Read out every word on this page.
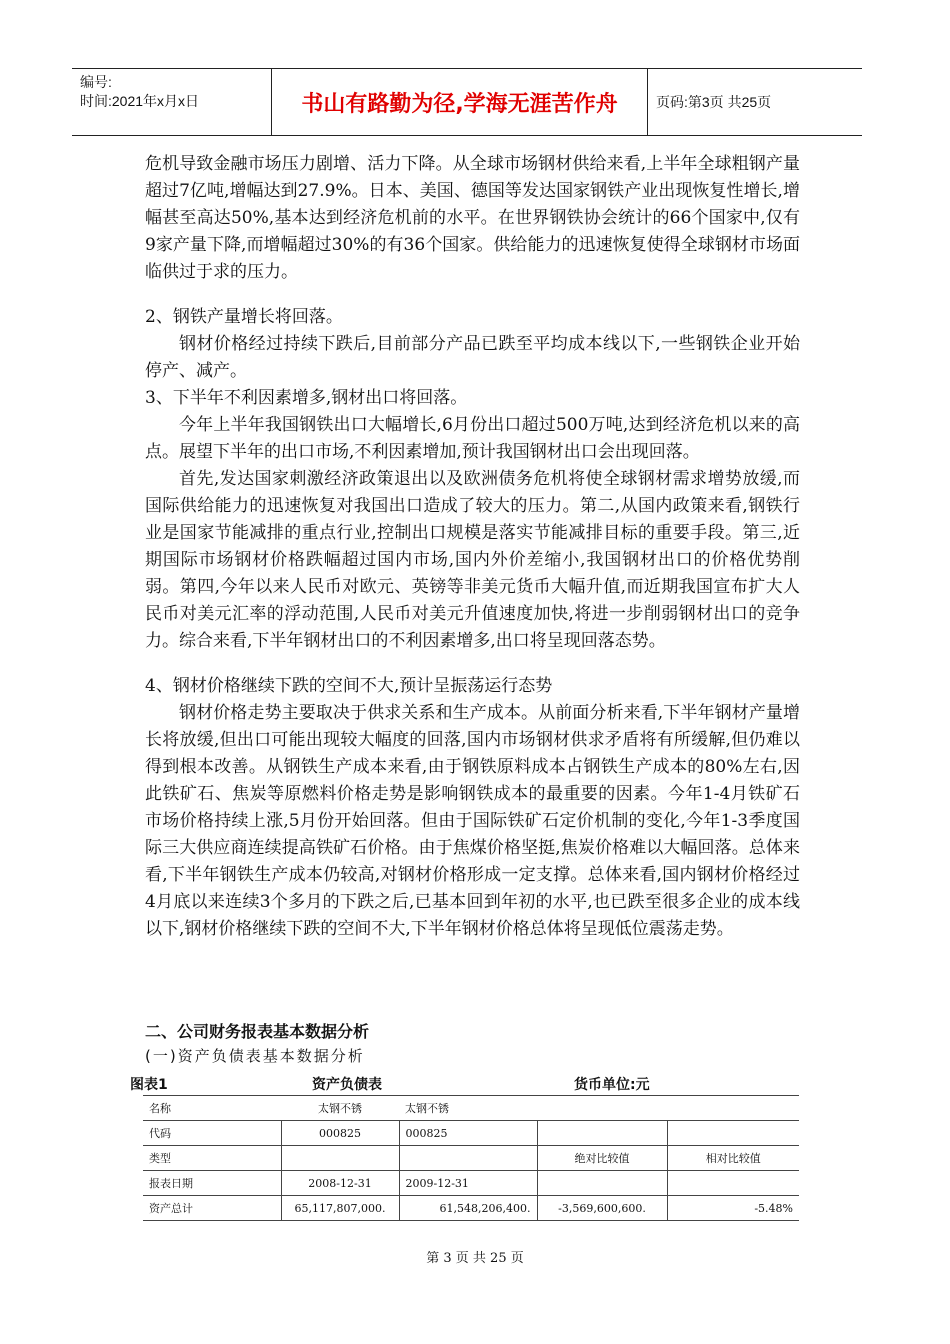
编号:
时间:2021年x月x日	书山有路勤为径,学海无涯苦作舟	页码:第3页 共25页

危机导致金融市场压力剧增、活力下降。从全球市场钢材供给来看,上半年全球粗钢产量超过7亿吨,增幅达到27.9%。日本、美国、德国等发达国家钢铁产业出现恢复性增长,增幅甚至高达50%,基本达到经济危机前的水平。在世界钢铁协会统计的66个国家中,仅有9家产量下降,而增幅超过30%的有36个国家。供给能力的迅速恢复使得全球钢材市场面临供过于求的压力。

2、钢铁产量增长将回落。

钢材价格经过持续下跌后,目前部分产品已跌至平均成本线以下,一些钢铁企业开始停产、减产。

3、下半年不利因素增多,钢材出口将回落。

今年上半年我国钢铁出口大幅增长,6月份出口超过500万吨,达到经济危机以来的高点。展望下半年的出口市场,不利因素增加,预计我国钢材出口会出现回落。

首先,发达国家刺激经济政策退出以及欧洲债务危机将使全球钢材需求增势放缓,而国际供给能力的迅速恢复对我国出口造成了较大的压力。第二,从国内政策来看,钢铁行业是国家节能减排的重点行业,控制出口规模是落实节能减排目标的重要手段。第三,近期国际市场钢材价格跌幅超过国内市场,国内外价差缩小,我国钢材出口的价格优势削弱。第四,今年以来人民币对欧元、英镑等非美元货币大幅升值,而近期我国宣布扩大人民币对美元汇率的浮动范围,人民币对美元升值速度加快,将进一步削弱钢材出口的竞争力。综合来看,下半年钢材出口的不利因素增多,出口将呈现回落态势。

4、钢材价格继续下跌的空间不大,预计呈振荡运行态势

钢材价格走势主要取决于供求关系和生产成本。从前面分析来看,下半年钢材产量增长将放缓,但出口可能出现较大幅度的回落,国内市场钢材供求矛盾将有所缓解,但仍难以得到根本改善。从钢铁生产成本来看,由于钢铁原料成本占钢铁生产成本的80%左右,因此铁矿石、焦炭等原燃料价格走势是影响钢铁成本的最重要的因素。今年1-4月铁矿石市场价格持续上涨,5月份开始回落。但由于国际铁矿石定价机制的变化,今年1-3季度国际三大供应商连续提高铁矿石价格。由于焦煤价格坚挺,焦炭价格难以大幅回落。总体来看,下半年钢铁生产成本仍较高,对钢材价格形成一定支撑。总体来看,国内钢材价格经过4月底以来连续3个多月的下跌之后,已基本回到年初的水平,也已跌至很多企业的成本线以下,钢材价格继续下跌的空间不大,下半年钢材价格总体将呈现低位震荡走势。

二、公司财务报表基本数据分析
(一)资产负债表基本数据分析
图表1	资产负债表	货币单位:元
名称	太钢不锈	太钢不锈		
代码	000825	000825		
类型			绝对比较值	相对比较值
报表日期	2008-12-31	2009-12-31		
资产总计	65,117,807,000.	61,548,206,400.	-3,569,600,600.	-5.48%
第 3 页 共 25 页
